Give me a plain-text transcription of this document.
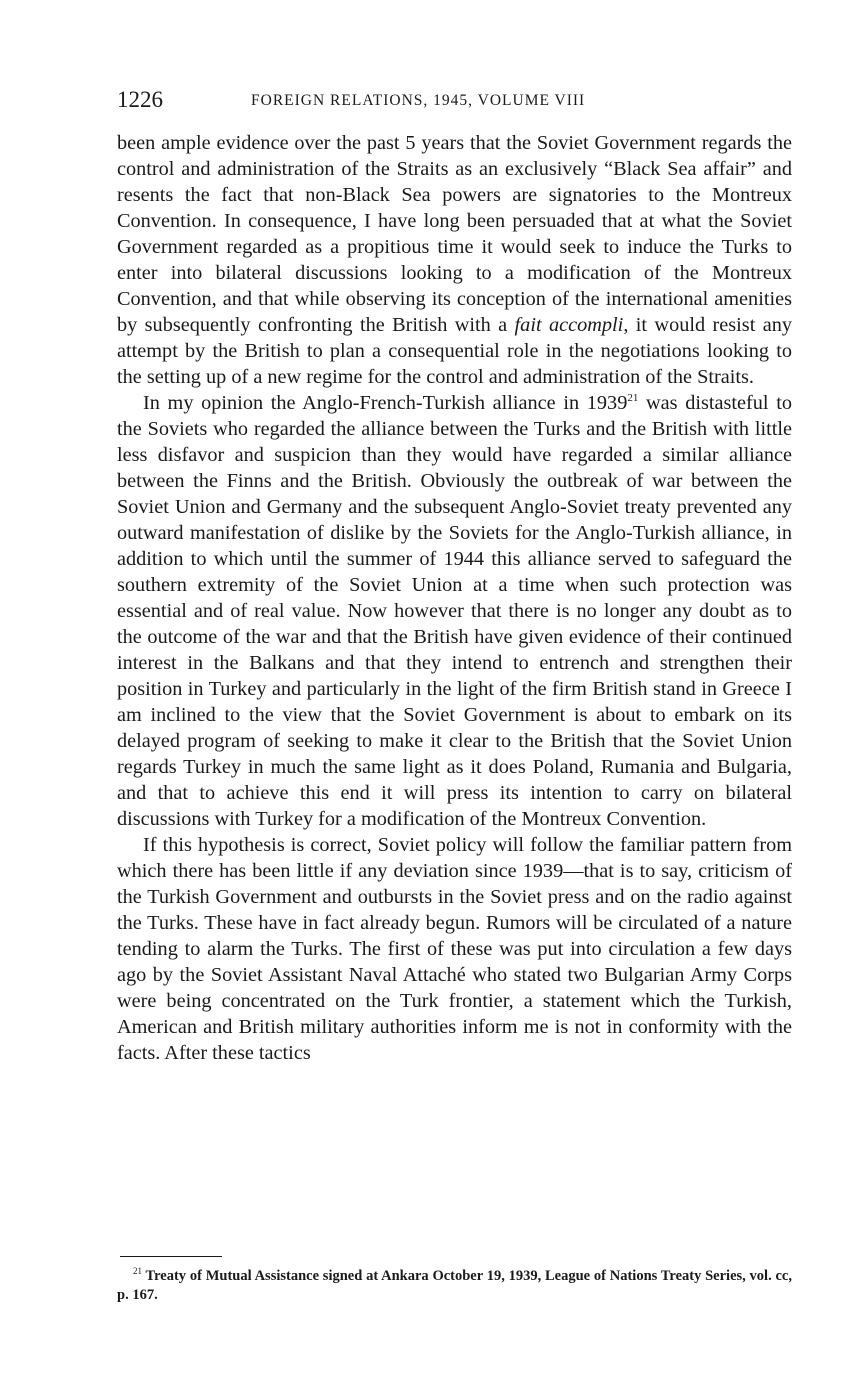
1226	FOREIGN RELATIONS, 1945, VOLUME VIII

been ample evidence over the past 5 years that the Soviet Government regards the control and administration of the Straits as an exclusively “Black Sea affair” and resents the fact that non-Black Sea powers are signatories to the Montreux Convention. In consequence, I have long been persuaded that at what the Soviet Government regarded as a propitious time it would seek to induce the Turks to enter into bilateral discussions looking to a modification of the Montreux Convention, and that while observing its conception of the international amenities by subsequently confronting the British with a fait accompli, it would resist any attempt by the British to plan a consequential role in the negotiations looking to the setting up of a new regime for the control and administration of the Straits.

In my opinion the Anglo-French-Turkish alliance in 1939$^{21}$ was distasteful to the Soviets who regarded the alliance between the Turks and the British with little less disfavor and suspicion than they would have regarded a similar alliance between the Finns and the British. Obviously the outbreak of war between the Soviet Union and Germany and the subsequent Anglo-Soviet treaty prevented any outward manifestation of dislike by the Soviets for the Anglo-Turkish alliance, in addition to which until the summer of 1944 this alliance served to safeguard the southern extremity of the Soviet Union at a time when such protection was essential and of real value. Now however that there is no longer any doubt as to the outcome of the war and that the British have given evidence of their continued interest in the Balkans and that they intend to entrench and strengthen their position in Turkey and particularly in the light of the firm British stand in Greece I am inclined to the view that the Soviet Government is about to embark on its delayed program of seeking to make it clear to the British that the Soviet Union regards Turkey in much the same light as it does Poland, Rumania and Bulgaria, and that to achieve this end it will press its intention to carry on bilateral discussions with Turkey for a modification of the Montreux Convention.

If this hypothesis is correct, Soviet policy will follow the familiar pattern from which there has been little if any deviation since 1939—that is to say, criticism of the Turkish Government and outbursts in the Soviet press and on the radio against the Turks. These have in fact already begun. Rumors will be circulated of a nature tending to alarm the Turks. The first of these was put into circulation a few days ago by the Soviet Assistant Naval Attaché who stated two Bulgarian Army Corps were being concentrated on the Turk frontier, a statement which the Turkish, American and British military authorities inform me is not in conformity with the facts. After these tactics

$^{21}$ Treaty of Mutual Assistance signed at Ankara October 19, 1939, League of Nations Treaty Series, vol. cc, p. 167.
